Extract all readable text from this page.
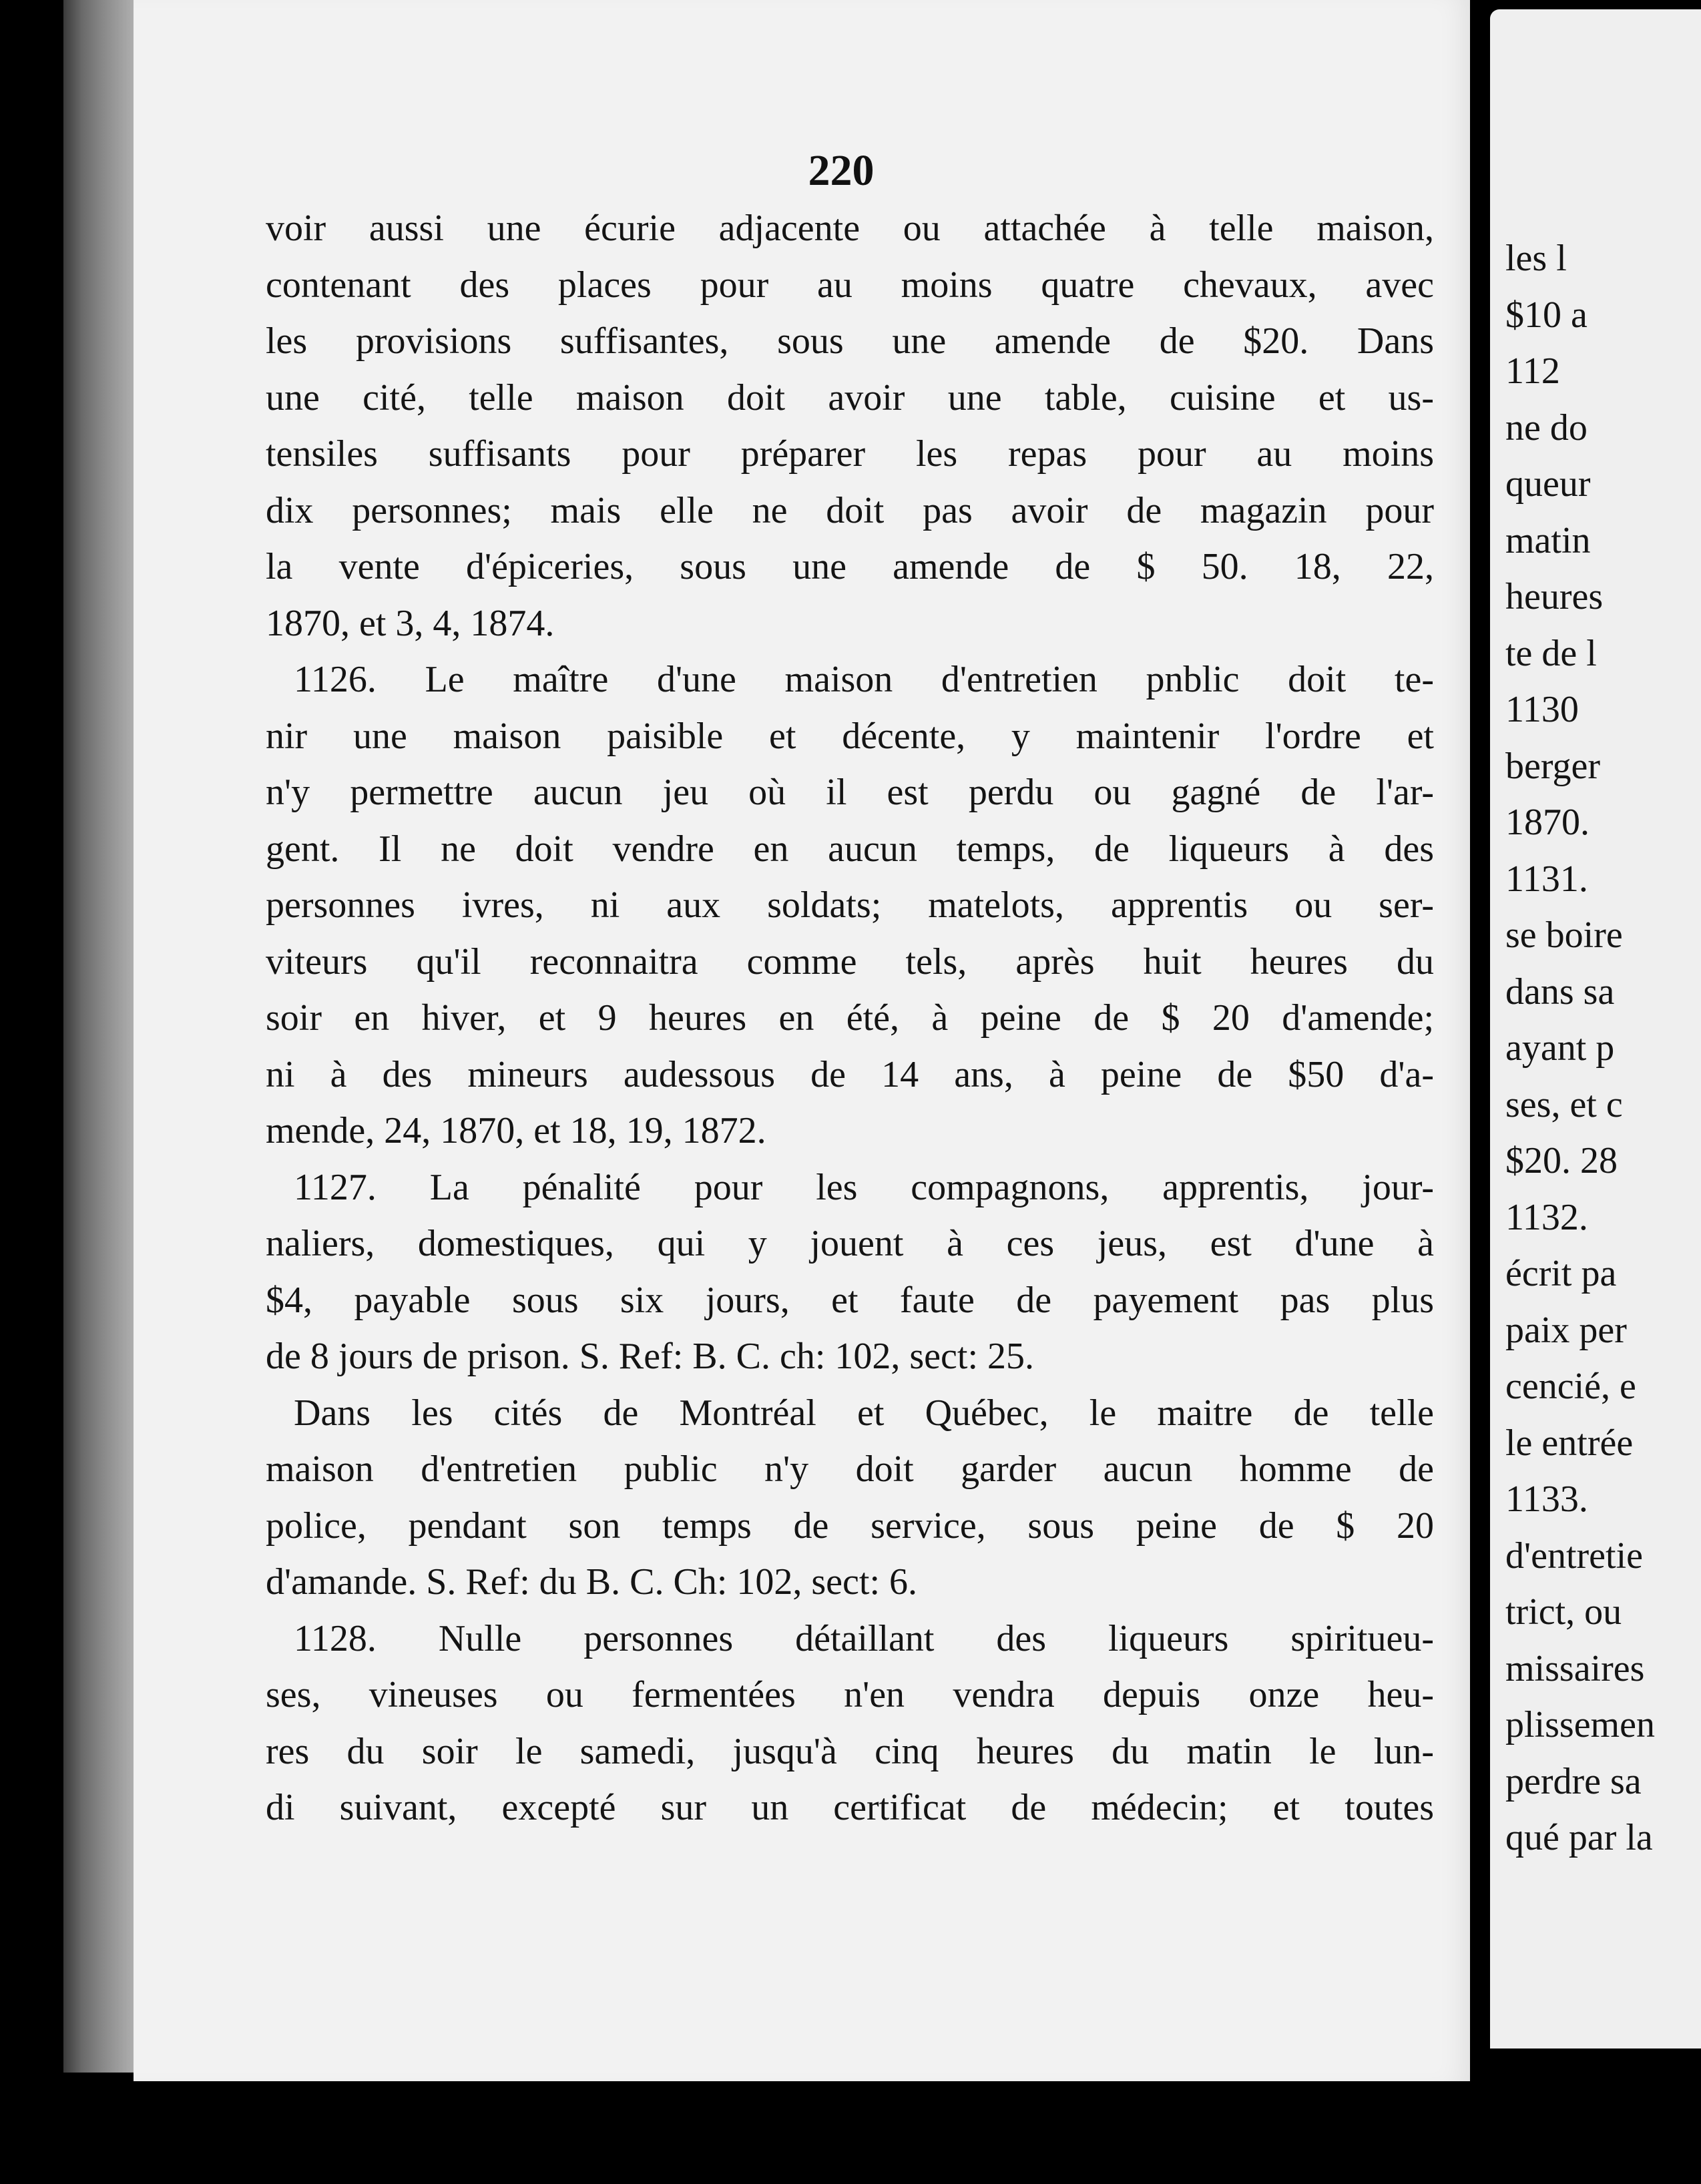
220
voir aussi une écurie adjacente ou attachée à telle maison,
contenant des places pour au moins quatre chevaux, avec
les provisions suffisantes, sous une amende de $20. Dans
une cité, telle maison doit avoir une table, cuisine et us-
tensiles suffisants pour préparer les repas pour au moins
dix personnes; mais elle ne doit pas avoir de magazin pour
la vente d'épiceries, sous une amende de $ 50. 18, 22,
1870, et 3, 4, 1874.
1126. Le maître d'une maison d'entretien pnblic doit te-
nir une maison paisible et décente, y maintenir l'ordre et
n'y permettre aucun jeu où il est perdu ou gagné de l'ar-
gent. Il ne doit vendre en aucun temps, de liqueurs à des
personnes ivres, ni aux soldats; matelots, apprentis ou ser-
viteurs qu'il reconnaitra comme tels, après huit heures du
soir en hiver, et 9 heures en été, à peine de $ 20 d'amende;
ni à des mineurs audessous de 14 ans, à peine de $50 d'a-
mende, 24, 1870, et 18, 19, 1872.
1127. La pénalité pour les compagnons, apprentis, jour-
naliers, domestiques, qui y jouent à ces jeus, est d'une à
$4, payable sous six jours, et faute de payement pas plus
de 8 jours de prison. S. Ref: B. C. ch: 102, sect: 25.
Dans les cités de Montréal et Québec, le maitre de telle
maison d'entretien public n'y doit garder aucun homme de
police, pendant son temps de service, sous peine de $ 20
d'amande. S. Ref: du B. C. Ch: 102, sect: 6.
1128. Nulle personnes détaillant des liqueurs spiritueu-
ses, vineuses ou fermentées n'en vendra depuis onze heu-
res du soir le samedi, jusqu'à cinq heures du matin le lun-
di suivant, excepté sur un certificat de médecin; et toutes
les l
$10 a
112
ne do
queur
matin
heures
te de l
1130
berger
1870.
1131.
se boire
dans sa
ayant p
ses, et c
$20. 28
1132.
écrit pa
paix per
cencié, e
le entrée
1133.
d'entretie
trict, ou
missaires
plissemen
perdre sa
qué par la
